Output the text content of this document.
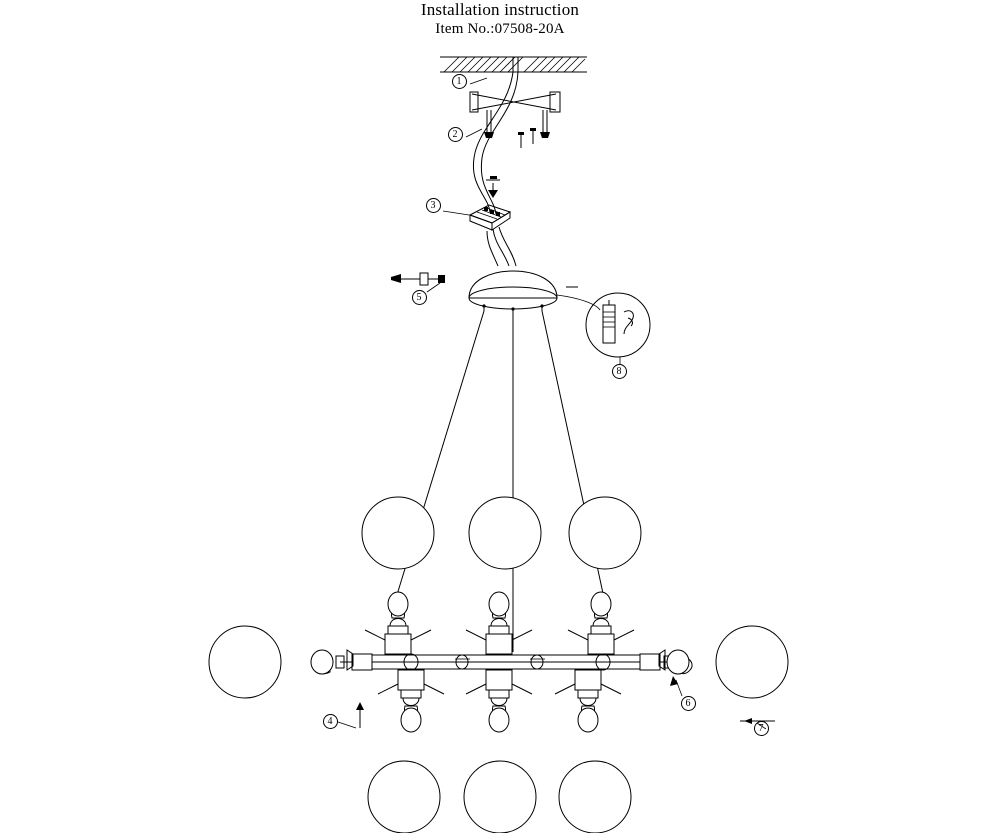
Installation instruction
Item No.:07508-20A
1
2
3
4
5
6
7
8
